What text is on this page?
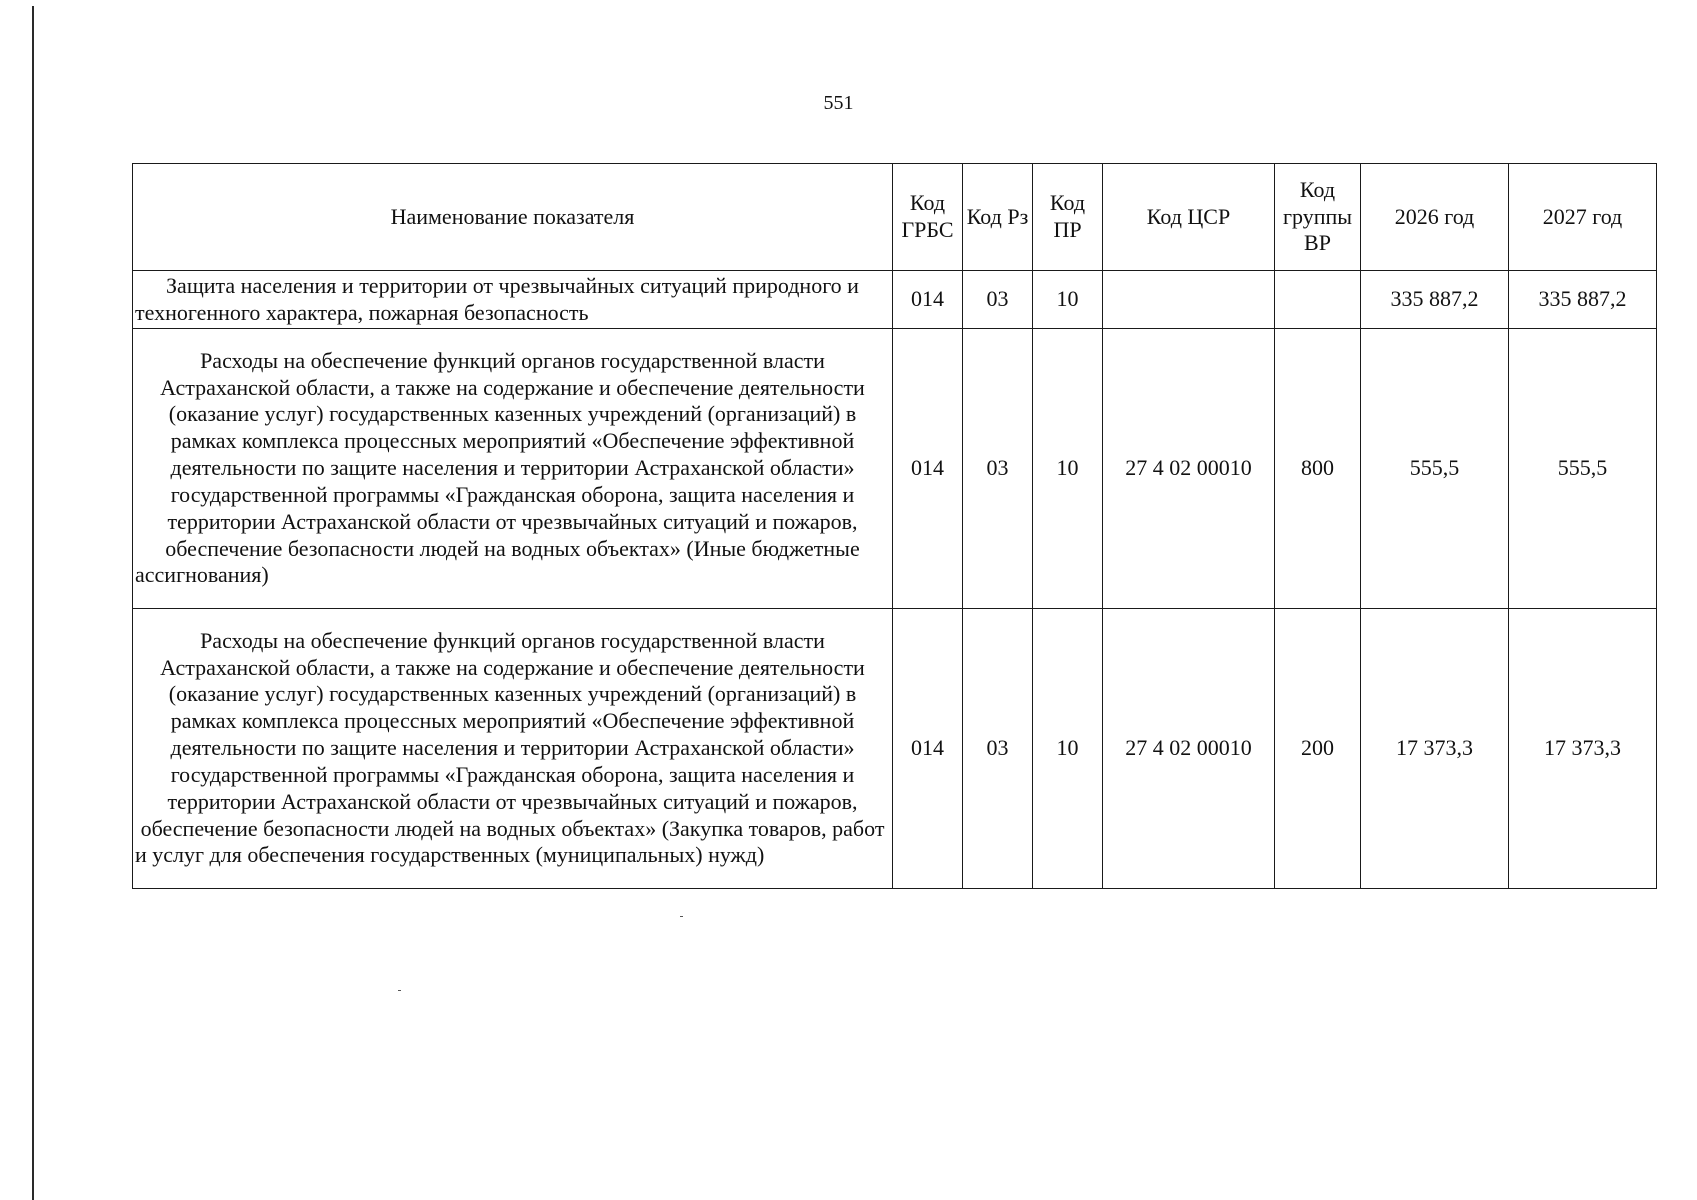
551
Наименование показателя	Код ГРБС	Код Рз	Код ПР	Код ЦСР	Код группы ВР	2026 год	2027 год
Защита населения и территории от чрезвычайных ситуаций природного и техногенного характера, пожарная безопасность	014	03	10			335 887,2	335 887,2
Расходы на обеспечение функций органов государственной власти Астраханской области, а также на содержание и обеспечение деятельности (оказание услуг) государственных казенных учреждений (организаций) в рамках комплекса процессных мероприятий «Обеспечение эффективной деятельности по защите населения и территории Астраханской области» государственной программы «Гражданская оборона, защита населения и территории Астраханской области от чрезвычайных ситуаций и пожаров, обеспечение безопасности людей на водных объектах» (Иные бюджетные ассигнования)	014	03	10	27 4 02 00010	800	555,5	555,5
Расходы на обеспечение функций органов государственной власти Астраханской области, а также на содержание и обеспечение деятельности (оказание услуг) государственных казенных учреждений (организаций) в рамках комплекса процессных мероприятий «Обеспечение эффективной деятельности по защите населения и территории Астраханской области» государственной программы «Гражданская оборона, защита населения и территории Астраханской области от чрезвычайных ситуаций и пожаров, обеспечение безопасности людей на водных объектах» (Закупка товаров, работ и услуг для обеспечения государственных (муниципальных) нужд)	014	03	10	27 4 02 00010	200	17 373,3	17 373,3
